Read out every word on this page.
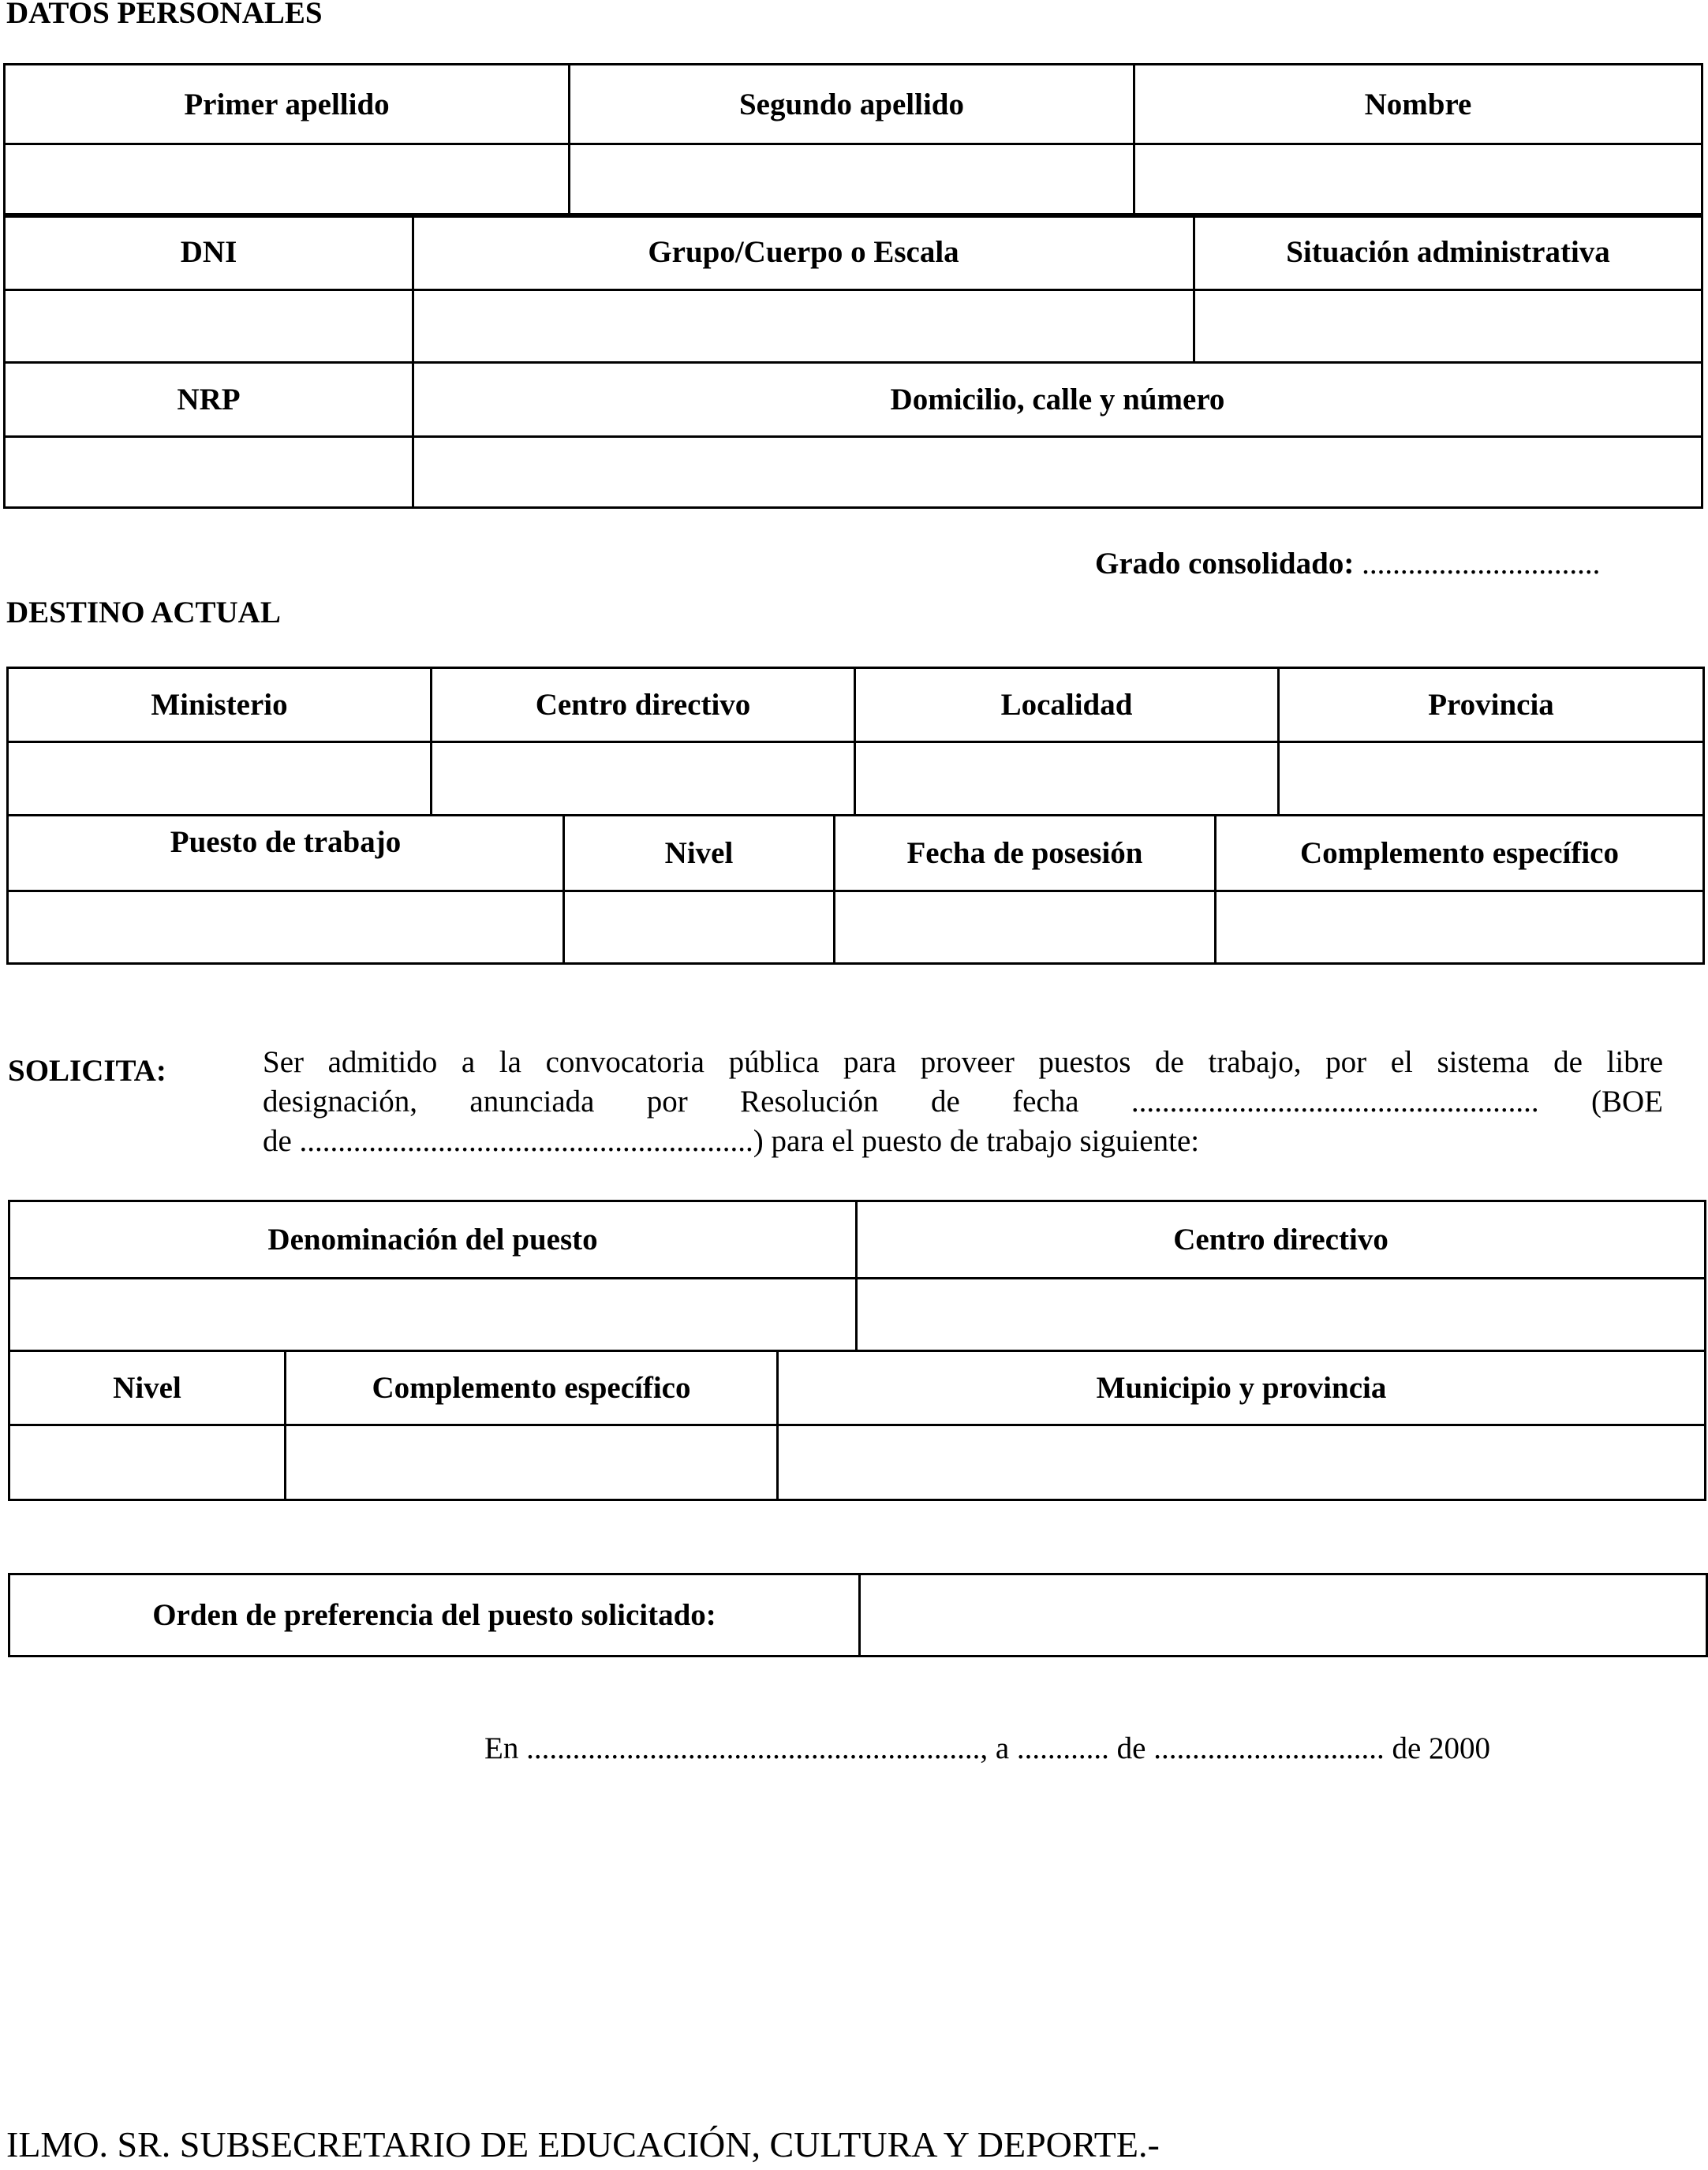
DATOS PERSONALES
Primer apellido	Segundo apellido	Nombre

DNI	Grupo/Cuerpo o Escala	Situación administrativa

NRP	Domicilio, calle y número	

Grado consolidado: ...............................
DESTINO ACTUAL
Ministerio	Centro directivo	Localidad	Provincia

Puesto de trabajo	Nivel	Fecha de posesión	Complemento específico

SOLICITA:	Ser admitido a la convocatoria pública para proveer puestos de trabajo, por el sistema de libre
designación, anunciada por Resolución de fecha ..................................................... (BOE
de ...........................................................) para el puesto de trabajo siguiente:
Denominación del puesto			Centro directivo

Nivel	Complemento específico	Municipio y provincia	

Orden de preferencia del puesto solicitado:	
En ..........................................................., a ............ de .............................. de 2000
ILMO. SR. SUBSECRETARIO DE EDUCACIÓN, CULTURA Y DEPORTE.-
